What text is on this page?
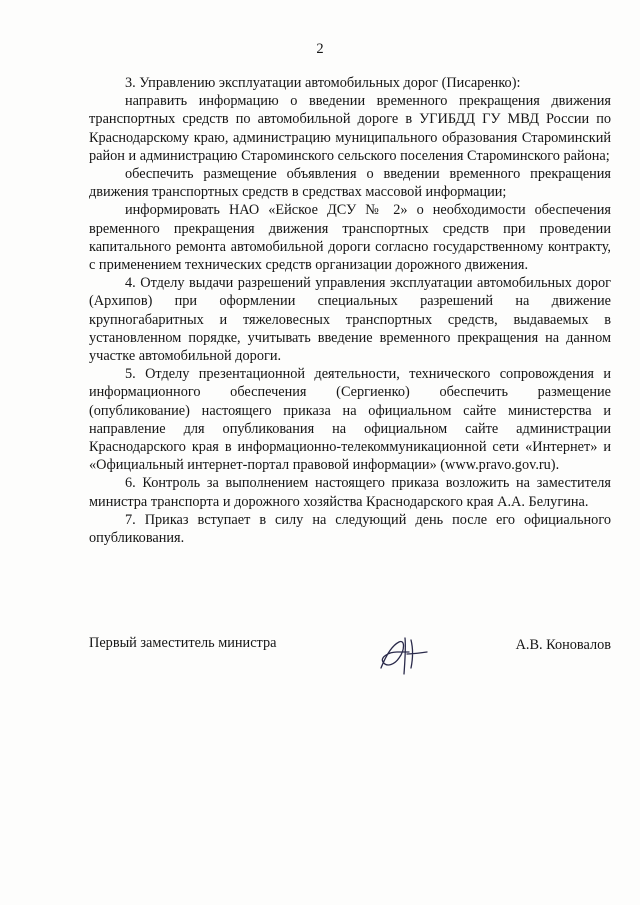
2

3. Управлению эксплуатации автомобильных дорог (Писаренко):

направить информацию о введении временного прекращения движения транспортных средств по автомобильной дороге в УГИБДД ГУ МВД России по Краснодарскому краю, администрацию муниципального образования Староминский район и администрацию Староминского сельского поселения Староминского района;

обеспечить размещение объявления о введении временного прекращения движения транспортных средств в средствах массовой информации;

информировать НАО «Ейское ДСУ № 2» о необходимости обеспечения временного прекращения движения транспортных средств при проведении капитального ремонта автомобильной дороги согласно государственному контракту, с применением технических средств организации дорожного движения.

4. Отделу выдачи разрешений управления эксплуатации автомобильных дорог (Архипов) при оформлении специальных разрешений на движение крупногабаритных и тяжеловесных транспортных средств, выдаваемых в установленном порядке, учитывать введение временного прекращения на данном участке автомобильной дороги.

5. Отделу презентационной деятельности, технического сопровождения и информационного обеспечения (Сергиенко) обеспечить размещение (опубликование) настоящего приказа на официальном сайте министерства и направление для опубликования на официальном сайте администрации Краснодарского края в информационно-телекоммуникационной сети «Интернет» и «Официальный интернет-портал правовой информации» (www.pravo.gov.ru).

6. Контроль за выполнением настоящего приказа возложить на заместителя министра транспорта и дорожного хозяйства Краснодарского края А.А. Белугина.

7. Приказ вступает в силу на следующий день после его официального опубликования.

Первый заместитель министра	А.В. Коновалов
